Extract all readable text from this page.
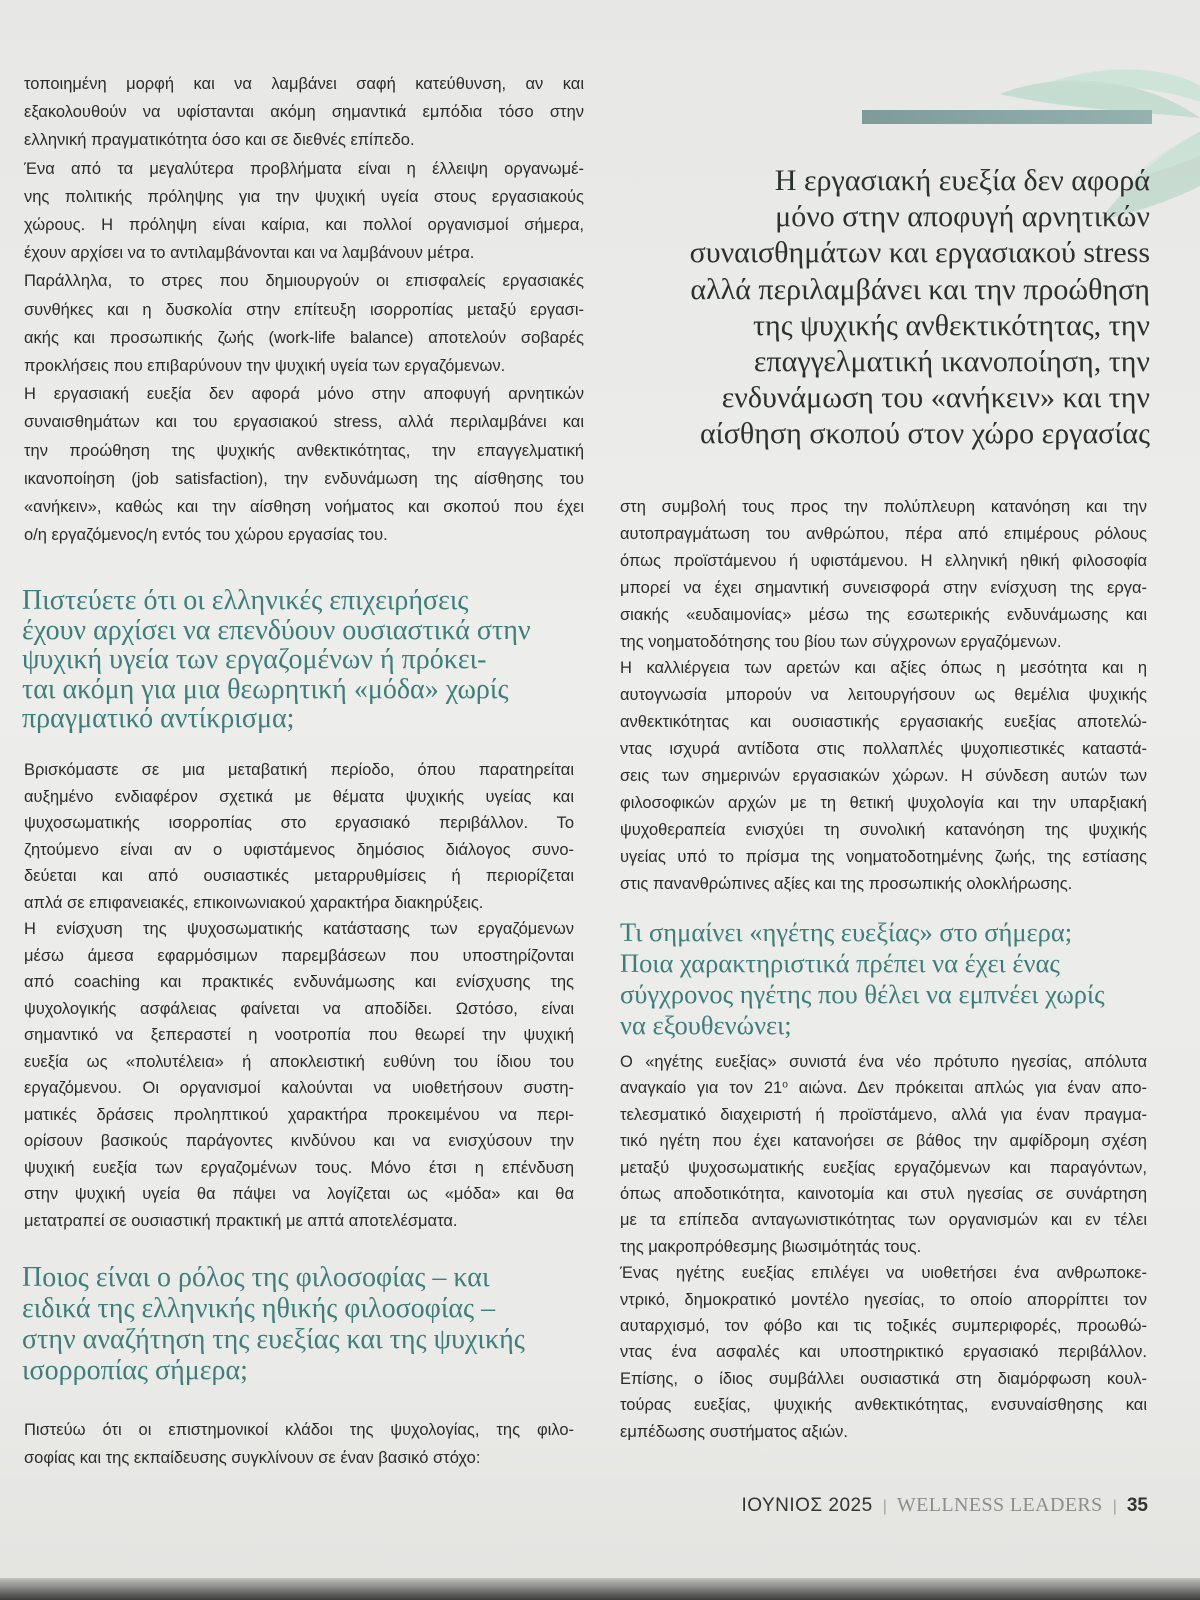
τοποιημένη μορφή και να λαμβάνει σαφή κατεύθυνση, αν και
εξακολουθούν να υφίστανται ακόμη σημαντικά εμπόδια τόσο στην
ελληνική πραγματικότητα όσο και σε διεθνές επίπεδο.
Ένα από τα μεγαλύτερα προβλήματα είναι η έλλειψη οργανωμέ-
νης πολιτικής πρόληψης για την ψυχική υγεία στους εργασιακούς
χώρους. Η πρόληψη είναι καίρια, και πολλοί οργανισμοί σήμερα,
έχουν αρχίσει να το αντιλαμβάνονται και να λαμβάνουν μέτρα.
Παράλληλα, το στρες που δημιουργούν οι επισφαλείς εργασιακές
συνθήκες και η δυσκολία στην επίτευξη ισορροπίας μεταξύ εργασι-
ακής και προσωπικής ζωής (work-life balance) αποτελούν σοβαρές
προκλήσεις που επιβαρύνουν την ψυχική υγεία των εργαζόμενων.
Η εργασιακή ευεξία δεν αφορά μόνο στην αποφυγή αρνητικών
συναισθημάτων και του εργασιακού stress, αλλά περιλαμβάνει και
την προώθηση της ψυχικής ανθεκτικότητας, την επαγγελματική
ικανοποίηση (job satisfaction), την ενδυνάμωση της αίσθησης του
«ανήκειν», καθώς και την αίσθηση νοήματος και σκοπού που έχει
ο/η εργαζόμενος/η εντός του χώρου εργασίας του.
Πιστεύετε ότι οι ελληνικές επιχειρήσεις
έχουν αρχίσει να επενδύουν ουσιαστικά στην
ψυχική υγεία των εργαζομένων ή πρόκει-
ται ακόμη για μια θεωρητική «μόδα» χωρίς
πραγματικό αντίκρισμα;
Βρισκόμαστε σε μια μεταβατική περίοδο, όπου παρατηρείται
αυξημένο ενδιαφέρον σχετικά με θέματα ψυχικής υγείας και
ψυχοσωματικής ισορροπίας στο εργασιακό περιβάλλον. Το
ζητούμενο είναι αν ο υφιστάμενος δημόσιος διάλογος συνο-
δεύεται και από ουσιαστικές μεταρρυθμίσεις ή περιορίζεται
απλά σε επιφανειακές, επικοινωνιακού χαρακτήρα διακηρύξεις.
Η ενίσχυση της ψυχοσωματικής κατάστασης των εργαζόμενων
μέσω άμεσα εφαρμόσιμων παρεμβάσεων που υποστηρίζονται
από coaching και πρακτικές ενδυνάμωσης και ενίσχυσης της
ψυχολογικής ασφάλειας φαίνεται να αποδίδει. Ωστόσο, είναι
σημαντικό να ξεπεραστεί η νοοτροπία που θεωρεί την ψυχική
ευεξία ως «πολυτέλεια» ή αποκλειστική ευθύνη του ίδιου του
εργαζόμενου. Οι οργανισμοί καλούνται να υιοθετήσουν συστη-
ματικές δράσεις προληπτικού χαρακτήρα προκειμένου να περι-
ορίσουν βασικούς παράγοντες κινδύνου και να ενισχύσουν την
ψυχική ευεξία των εργαζομένων τους. Μόνο έτσι η επένδυση
στην ψυχική υγεία θα πάψει να λογίζεται ως «μόδα» και θα
μετατραπεί σε ουσιαστική πρακτική με απτά αποτελέσματα.
Ποιος είναι ο ρόλος της φιλοσοφίας – και
ειδικά της ελληνικής ηθικής φιλοσοφίας –
στην αναζήτηση της ευεξίας και της ψυχικής
ισορροπίας σήμερα;
Πιστεύω ότι οι επιστημονικοί κλάδοι της ψυχολογίας, της φιλο-
σοφίας και της εκπαίδευσης συγκλίνουν σε έναν βασικό στόχο:
Η εργασιακή ευεξία δεν αφορά
μόνο στην αποφυγή αρνητικών
συναισθημάτων και εργασιακού stress
αλλά περιλαμβάνει και την προώθηση
της ψυχικής ανθεκτικότητας, την
επαγγελματική ικανοποίηση, την
ενδυνάμωση του «ανήκειν» και την
αίσθηση σκοπού στον χώρο εργασίας
στη συμβολή τους προς την πολύπλευρη κατανόηση και την
αυτοπραγμάτωση του ανθρώπου, πέρα από επιμέρους ρόλους
όπως προϊστάμενου ή υφιστάμενου. Η ελληνική ηθική φιλοσοφία
μπορεί να έχει σημαντική συνεισφορά στην ενίσχυση της εργα-
σιακής «ευδαιμονίας» μέσω της εσωτερικής ενδυνάμωσης και
της νοηματοδότησης του βίου των σύγχρονων εργαζόμενων.
Η καλλιέργεια των αρετών και αξίες όπως η μεσότητα και η
αυτογνωσία μπορούν να λειτουργήσουν ως θεμέλια ψυχικής
ανθεκτικότητας και ουσιαστικής εργασιακής ευεξίας αποτελώ-
ντας ισχυρά αντίδοτα στις πολλαπλές ψυχοπιεστικές καταστά-
σεις των σημερινών εργασιακών χώρων. Η σύνδεση αυτών των
φιλοσοφικών αρχών με τη θετική ψυχολογία και την υπαρξιακή
ψυχοθεραπεία ενισχύει τη συνολική κατανόηση της ψυχικής
υγείας υπό το πρίσμα της νοηματοδοτημένης ζωής, της εστίασης
στις πανανθρώπινες αξίες και της προσωπικής ολοκλήρωσης.
Τι σημαίνει «ηγέτης ευεξίας» στο σήμερα;
Ποια χαρακτηριστικά πρέπει να έχει ένας
σύγχρονος ηγέτης που θέλει να εμπνέει χωρίς
να εξουθενώνει;
Ο «ηγέτης ευεξίας» συνιστά ένα νέο πρότυπο ηγεσίας, απόλυτα
αναγκαίο για τον $21^o$ αιώνα. Δεν πρόκειται απλώς για έναν απο-
τελεσματικό διαχειριστή ή προϊστάμενο, αλλά για έναν πραγμα-
τικό ηγέτη που έχει κατανοήσει σε βάθος την αμφίδρομη σχέση
μεταξύ ψυχοσωματικής ευεξίας εργαζόμενων και παραγόντων,
όπως αποδοτικότητα, καινοτομία και στυλ ηγεσίας σε συνάρτηση
με τα επίπεδα ανταγωνιστικότητας των οργανισμών και εν τέλει
της μακροπρόθεσμης βιωσιμότητάς τους.
Ένας ηγέτης ευεξίας επιλέγει να υιοθετήσει ένα ανθρωποκε-
ντρικό, δημοκρατικό μοντέλο ηγεσίας, το οποίο απορρίπτει τον
αυταρχισμό, τον φόβο και τις τοξικές συμπεριφορές, προωθώ-
ντας ένα ασφαλές και υποστηρικτικό εργασιακό περιβάλλον.
Επίσης, ο ίδιος συμβάλλει ουσιαστικά στη διαμόρφωση κουλ-
τούρας ευεξίας, ψυχικής ανθεκτικότητας, ενσυναίσθησης και
εμπέδωσης συστήματος αξιών.
ΙΟΥΝΙΟΣ 2025 | WELLNESS LEADERS | 35
